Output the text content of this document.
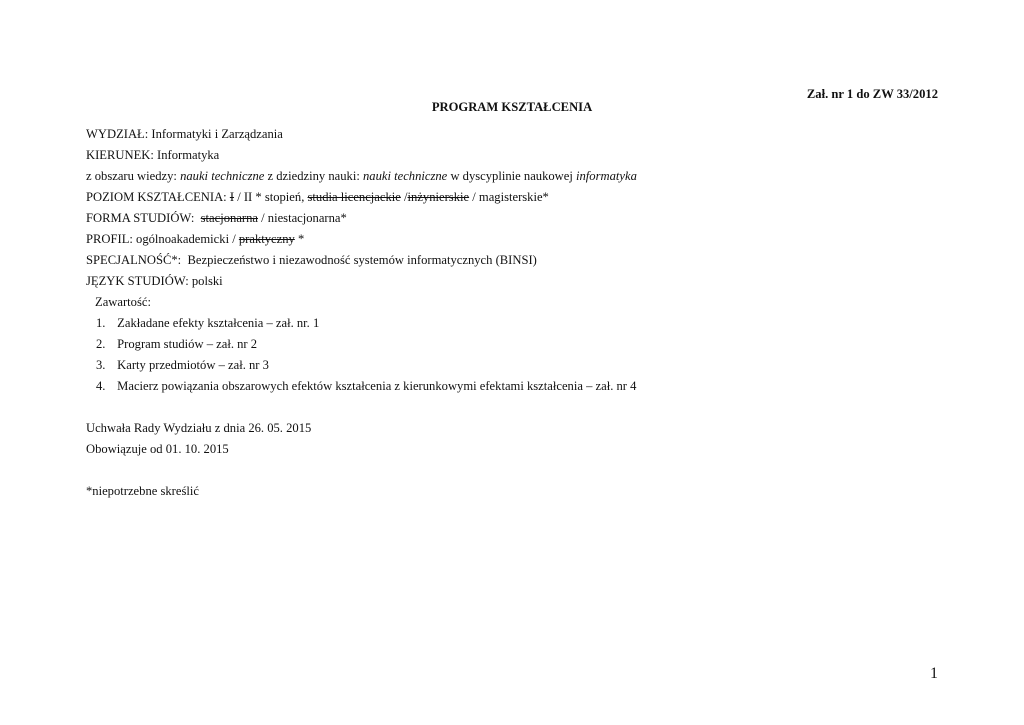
Zał. nr 1 do ZW 33/2012
PROGRAM KSZTAŁCENIA
WYDZIAŁ: Informatyki i Zarządzania
KIERUNEK: Informatyka
z obszaru wiedzy: nauki techniczne z dziedziny nauki: nauki techniczne w dyscyplinie naukowej informatyka
POZIOM KSZTAŁCENIA: I / II * stopień, studia licencjackie /inżynierskie / magisterskie*
FORMA STUDIÓW: stacjonarna / niestacjonarna*
PROFIL: ogólnoakademicki / praktyczny *
SPECJALNOŚĆ*: Bezpieczeństwo i niezawodność systemów informatycznych (BINSI)
JĘZYK STUDIÓW: polski
Zawartość:
1. Zakładane efekty kształcenia – zał. nr. 1
2. Program studiów – zał. nr 2
3. Karty przedmiotów – zał. nr 3
4. Macierz powiązania obszarowych efektów kształcenia z kierunkowymi efektami kształcenia – zał. nr 4
Uchwała Rady Wydziału z dnia 26. 05. 2015
Obowiązuje od 01. 10. 2015
*niepotrzebne skreślić
1
